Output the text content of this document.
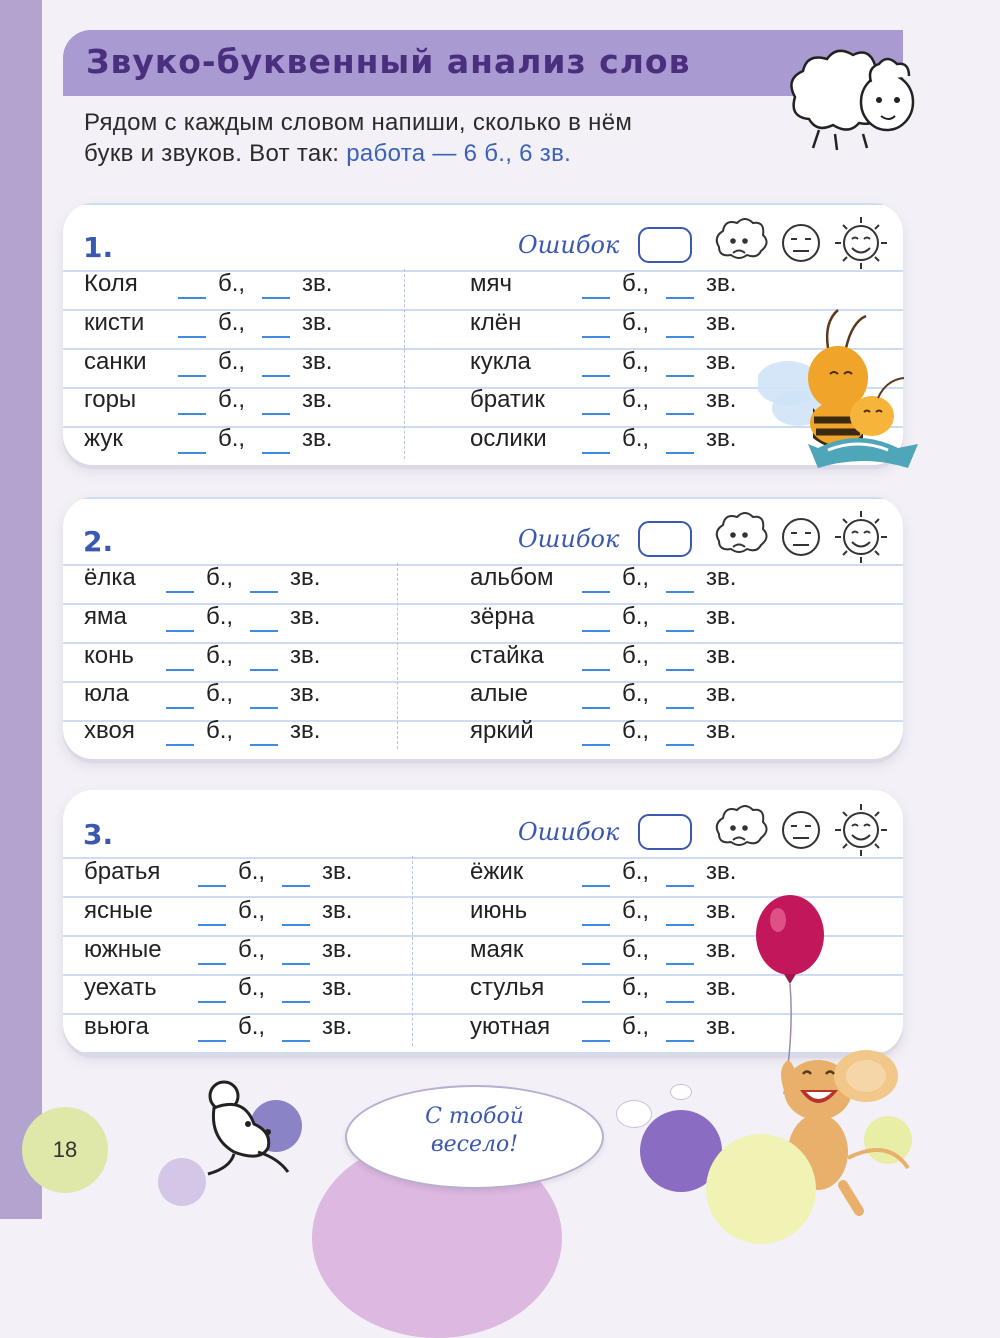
Звуко-буквенный анализ слов
Рядом с каждым словом напиши, сколько в нём
букв и звуков. Вот так: работа — 6 б., 6 зв.
1.	Ошибок
Коля	б., зв.
кисти	б., зв.
санки	б., зв.
горы	б., зв.
жук	б., зв.
мяч	б., зв.
клён	б., зв.
кукла	б., зв.
братик	б., зв.
ослики	б., зв.
2.	Ошибок
ёлка	б., зв.
яма	б., зв.
конь	б., зв.
юла	б., зв.
хвоя	б., зв.
альбом	б., зв.
зёрна	б., зв.
стайка	б., зв.
алые	б., зв.
яркий	б., зв.
3.	Ошибок
братья	б., зв.
ясные	б., зв.
южные	б., зв.
уехать	б., зв.
вьюга	б., зв.
ёжик	б., зв.
июнь	б., зв.
маяк	б., зв.
стулья	б., зв.
уютная	б., зв.
С тобой
весело!
18
